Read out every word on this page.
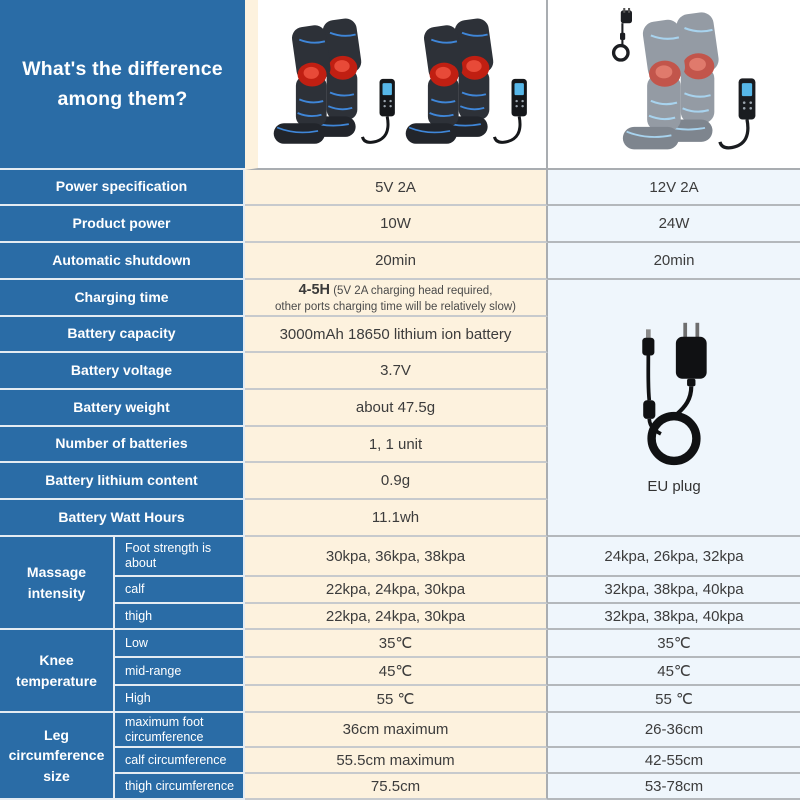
What's the difference
among them?
Power specification	5V 2A	12V 2A
Product power	10W	24W
Automatic shutdown	20min	20min
Charging time	4-5H (5V 2A charging head required,
other ports charging time will be relatively slow)
Battery capacity	3000mAh 18650 lithium ion battery
Battery voltage	3.7V
Battery weight	about 47.5g
Number of batteries	1, 1 unit
Battery lithium content	0.9g
Battery Watt Hours	11.1wh
EU plug
Massage intensity
Foot strength is about	30kpa, 36kpa, 38kpa	24kpa, 26kpa, 32kpa
calf	22kpa, 24kpa, 30kpa	32kpa, 38kpa, 40kpa
thigh	22kpa, 24kpa, 30kpa	32kpa, 38kpa, 40kpa
Knee temperature
Low	35℃	35℃
mid-range	45℃	45℃
High	55 ℃	55 ℃
Leg circumference size
maximum foot circumference	36cm maximum	26-36cm
calf circumference	55.5cm maximum	42-55cm
thigh circumference	75.5cm	53-78cm
